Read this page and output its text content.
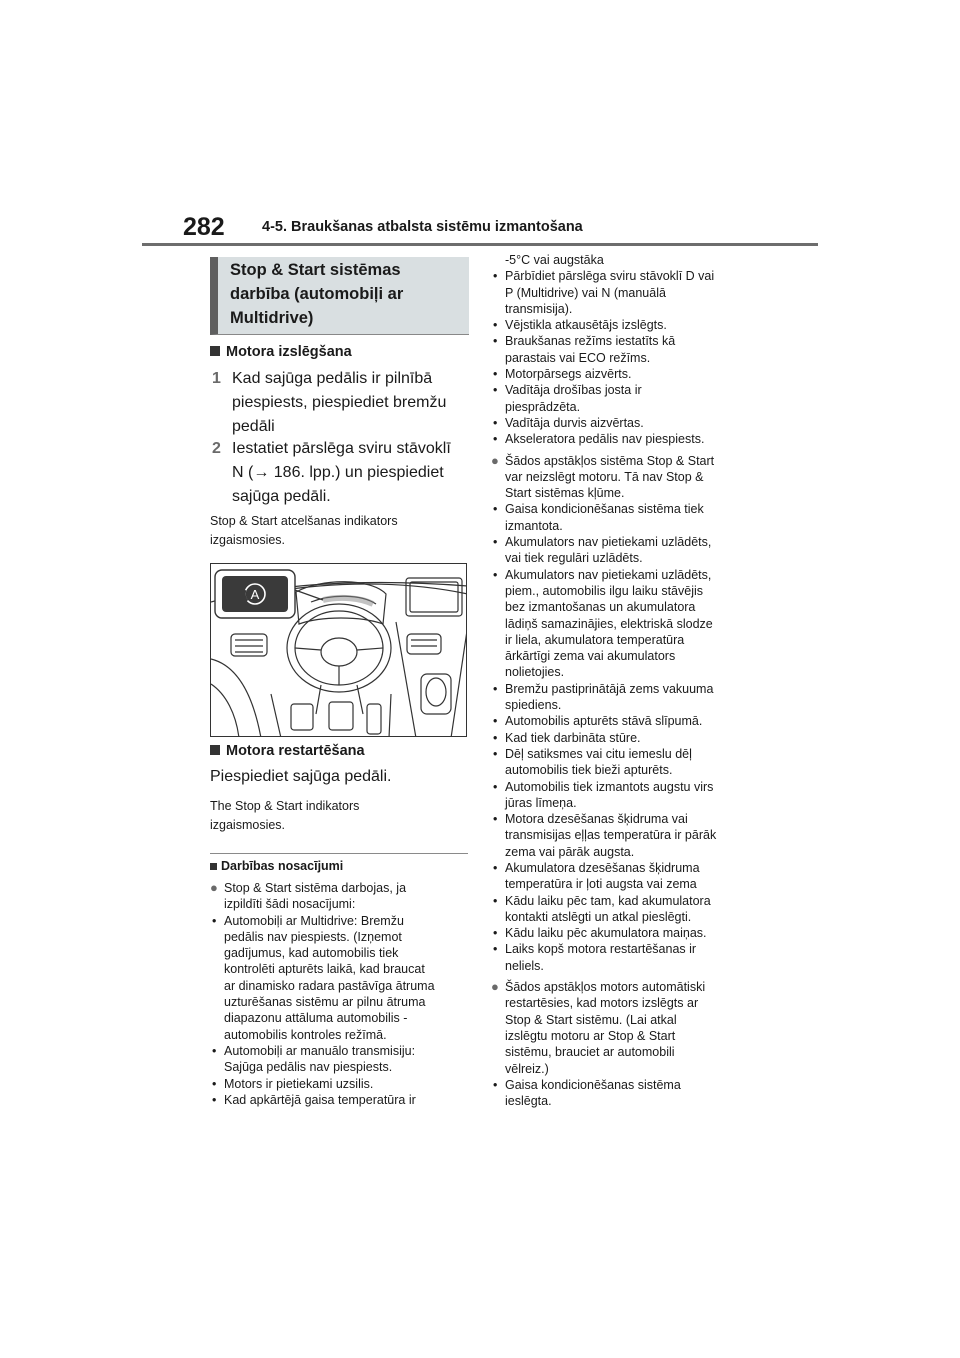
282	4-5. Braukšanas atbalsta sistēmu izmantošana
Stop & Start sistēmas
darbība (automobiļi ar
Multidrive)
Motora izslēgšana
1 Kad sajūga pedālis ir pilnībā
piespiests, piespiediet bremžu
pedāli
2 Iestatiet pārslēga sviru stāvoklī
N (→ 186. lpp.) un piespiediet
sajūga pedāli.
Stop & Start atcelšanas indikators
izgaismosies.
A
Motora restartēšana
Piespiediet sajūga pedāli.
The Stop & Start indikators
izgaismosies.
Darbības nosacījumi
● Stop & Start sistēma darbojas, ja
izpildīti šādi nosacījumi:
• Automobiļi ar Multidrive: Bremžu
pedālis nav piespiests. (Izņemot
gadījumus, kad automobilis tiek
kontrolēti apturēts laikā, kad braucat
ar dinamisko radara pastāvīga ātruma
uzturēšanas sistēmu ar pilnu ātruma
diapazonu attāluma automobilis -
automobilis kontroles režīmā.
• Automobiļi ar manuālo transmisiju:
Sajūga pedālis nav piespiests.
• Motors ir pietiekami uzsilis.
• Kad apkārtējā gaisa temperatūra ir
-5°C vai augstāka
• Pārbīdiet pārslēga sviru stāvoklī D vai
P (Multidrive) vai N (manuālā
transmisija).
• Vējstikla atkausētājs izslēgts.
• Braukšanas režīms iestatīts kā
parastais vai ECO režīms.
• Motorpārsegs aizvērts.
• Vadītāja drošības josta ir
piesprādzēta.
• Vadītāja durvis aizvērtas.
• Akseleratora pedālis nav piespiests.
● Šādos apstākļos sistēma Stop & Start
var neizslēgt motoru. Tā nav Stop &
Start sistēmas kļūme.
• Gaisa kondicionēšanas sistēma tiek
izmantota.
• Akumulators nav pietiekami uzlādēts,
vai tiek regulāri uzlādēts.
• Akumulators nav pietiekami uzlādēts,
piem., automobilis ilgu laiku stāvējis
bez izmantošanas un akumulatora
lādiņš samazinājies, elektriskā slodze
ir liela, akumulatora temperatūra
ārkārtīgi zema vai akumulators
nolietojies.
• Bremžu pastiprinātājā zems vakuuma
spiediens.
• Automobilis apturēts stāvā slīpumā.
• Kad tiek darbināta stūre.
• Dēļ satiksmes vai citu iemeslu dēļ
automobilis tiek bieži apturēts.
• Automobilis tiek izmantots augstu virs
jūras līmeņa.
• Motora dzesēšanas šķidruma vai
transmisijas eļļas temperatūra ir pārāk
zema vai pārāk augsta.
• Akumulatora dzesēšanas šķidruma
temperatūra ir ļoti augsta vai zema
• Kādu laiku pēc tam, kad akumulatora
kontakti atslēgti un atkal pieslēgti.
• Kādu laiku pēc akumulatora maiņas.
• Laiks kopš motora restartēšanas ir
neliels.
● Šādos apstākļos motors automātiski
restartēsies, kad motors izslēgts ar
Stop & Start sistēmu. (Lai atkal
izslēgtu motoru ar Stop & Start
sistēmu, brauciet ar automobili
vēlreiz.)
• Gaisa kondicionēšanas sistēma
ieslēgta.
